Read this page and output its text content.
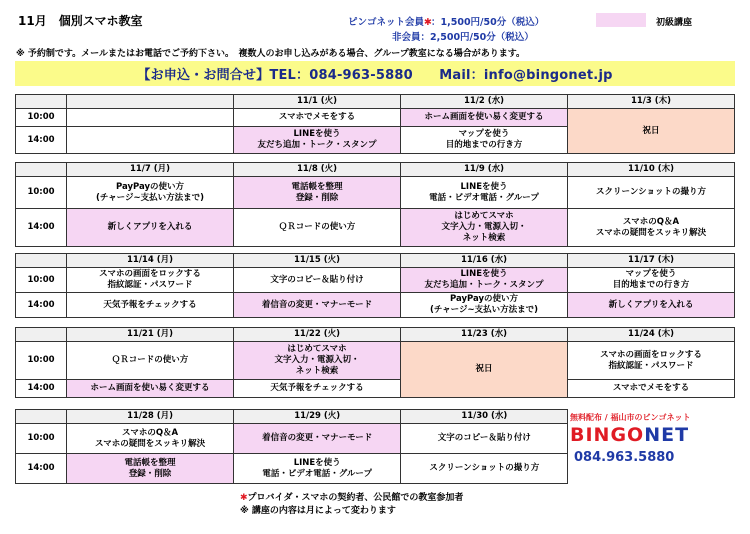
11月　個別スマホ教室	ピンゴネット会員✱ ：1,500円/50分（税込）
非会員：2,500円/50分（税込）
初級講座
※ 予約制です。メールまたはお電話でご予約下さい。　複数人のお申し込みがある場合、グループ教室になる場合があります。
【お申込・お問合せ】TEL：084-963-5880　　Mail：info@bingonet.jp
		11/1 (火)	11/2 (水)	11/3 (木)
10:00		スマホでメモをする	ホーム画面を使い易く変更する	祝日
14:00		LINEを使う
友だち追加・トーク・スタンプ	マップを使う
目的地までの行き方	
	11/7 (月)	11/8 (火)	11/9 (水)	11/10 (木)
10:00	PayPayの使い方
(チャージ~支払い方法まで)	電話帳を整理
登録・削除	LINEを使う
電話・ビデオ電話・グループ	スクリーンショットの撮り方
14:00	新しくアプリを入れる	ＱＲコードの使い方	はじめてスマホ
文字入力・電源入切・
ネット検索	スマホのQ＆A
スマホの疑問をスッキリ解決
	11/14 (月)	11/15 (火)	11/16 (水)	11/17 (木)
10:00	スマホの画面をロックする
指紋認証・パスワード	文字のコピー＆貼り付け	LINEを使う
友だち追加・トーク・スタンプ	マップを使う
目的地までの行き方
14:00	天気予報をチェックする	着信音の変更・マナーモード	PayPayの使い方
(チャージ~支払い方法まで)	新しくアプリを入れる
	11/21 (月)	11/22 (火)	11/23 (水)	11/24 (木)
10:00	ＱＲコードの使い方	はじめてスマホ
文字入力・電源入切・
ネット検索	祝日	スマホの画面をロックする
指紋認証・パスワード
14:00	ホーム画面を使い易く変更する	天気予報をチェックする		スマホでメモをする
	11/28 (月)	11/29 (火)	11/30 (水)	
10:00	スマホのQ＆A
スマホの疑問をスッキリ解決	着信音の変更・マナーモード	文字のコピー＆貼り付け	
14:00	電話帳を整理
登録・削除	LINEを使う
電話・ビデオ電話・グループ	スクリーンショットの撮り方	
無料配布 / 福山市のビンゴネット
BINGONET
084.963.5880
✱プロバイダ・スマホの契約者、公民館での教室参加者
※ 講座の内容は月によって変わります
